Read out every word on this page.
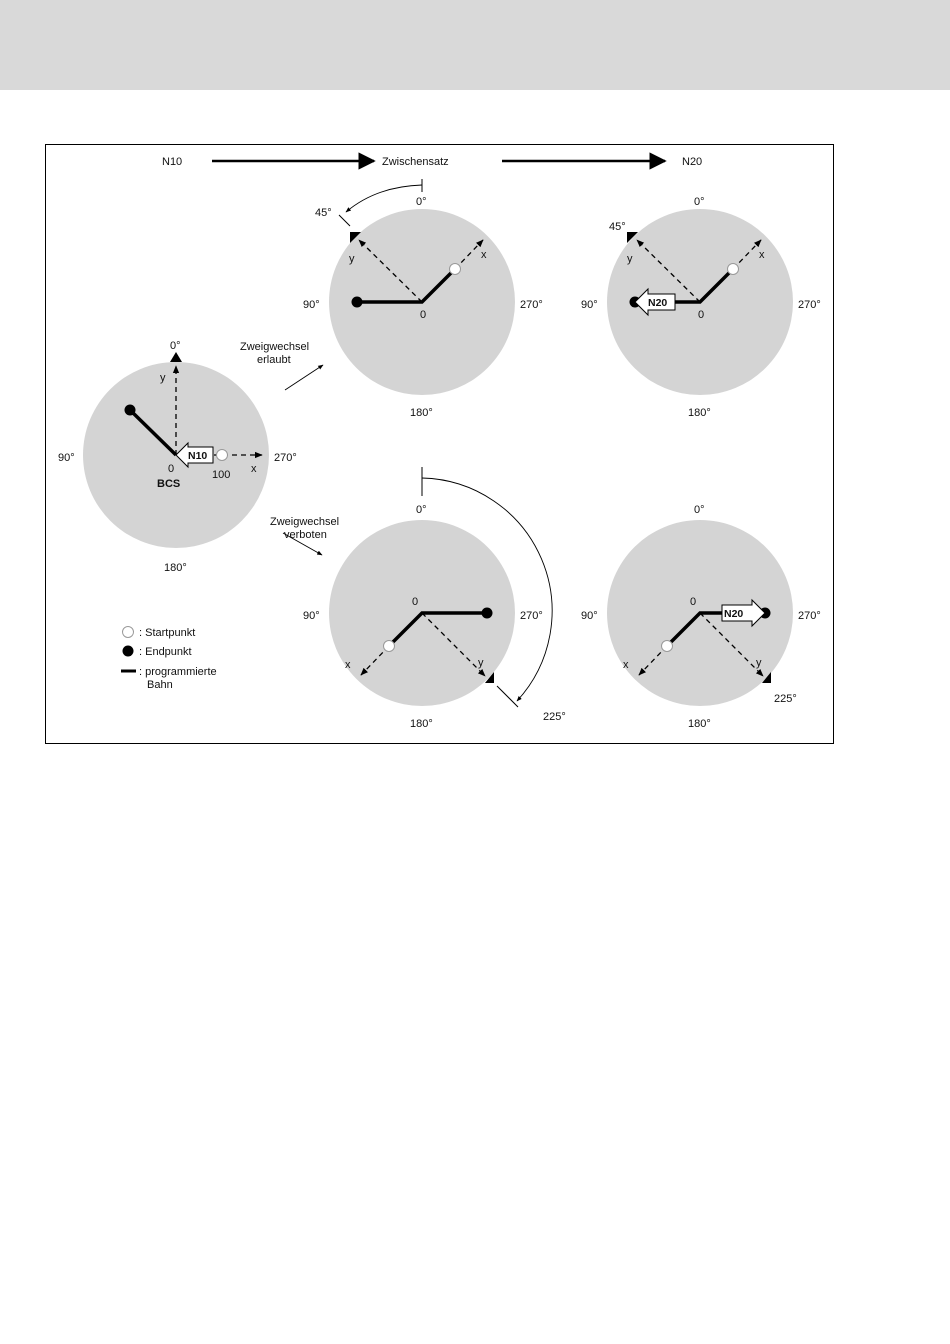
N10	Zwischensatz	N20
0°
90°	270°
180°
y
x
N10
0
BCS
100
Zweigwechsel
erlaubt
Zweigwechsel
verboten
0°
90°	270°
180°
45°
y	x
0
0°
90°	270°
180°
45°
y	x
N20
0
0°
90°	270°
180°
225°
x	y
0
0°
90°	270°
180°
225°
x	y
N20
0
: Startpunkt
: Endpunkt
: programmierte
Bahn
